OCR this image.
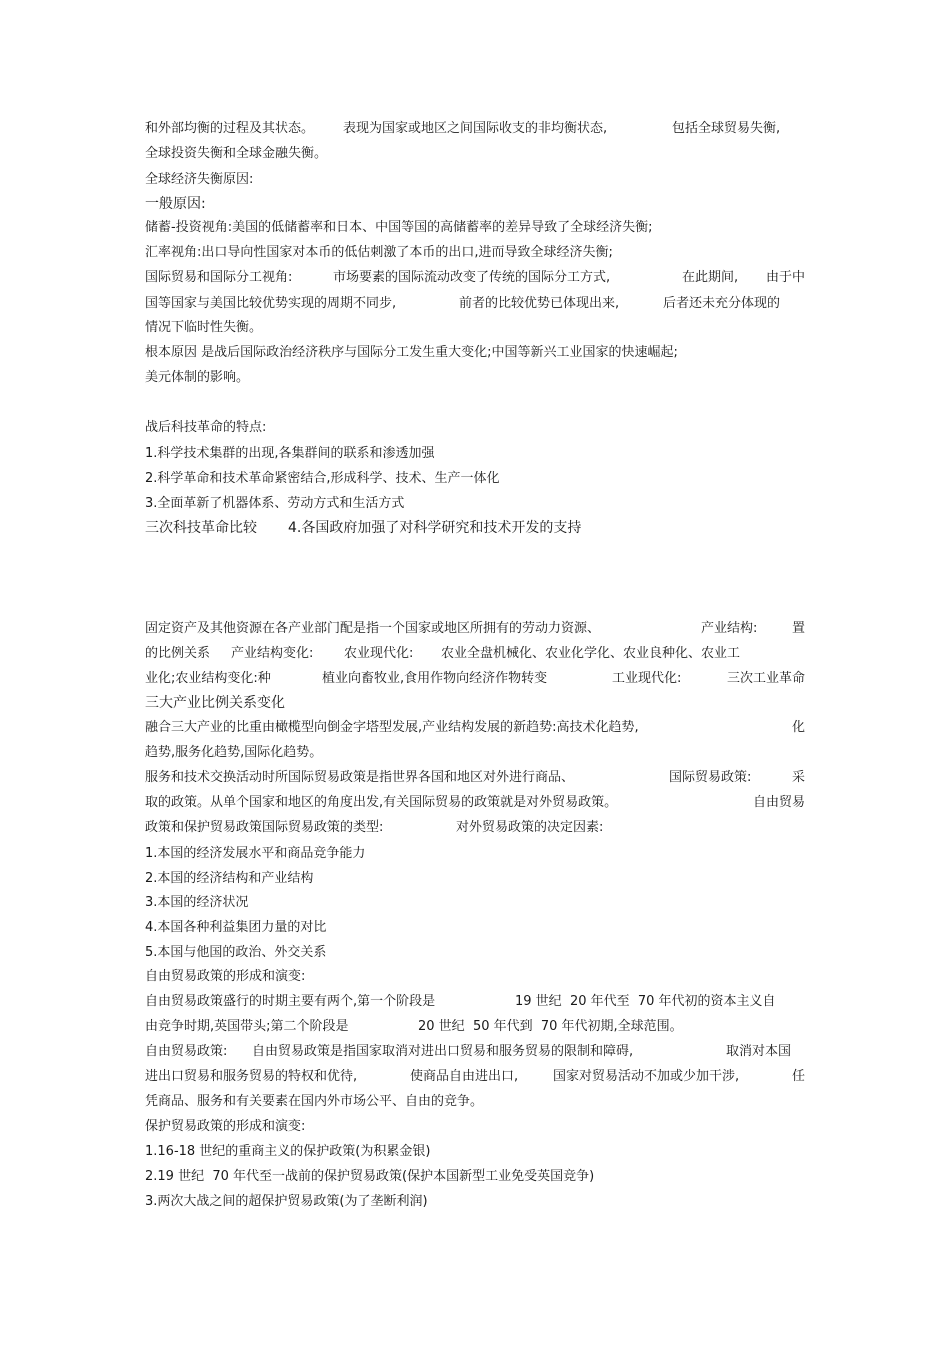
和外部均衡的过程及其状态。

表现为国家或地区之间国际收支的非均衡状态,

	包括全球贸易失衡,

全球投资失衡和全球金融失衡。
全球经济失衡原因:
一般原因:
储蓄-投资视角:美国的低储蓄率和日本、中国等国的高储蓄率的差异导致了全球经济失衡;
汇率视角:出口导向性国家对本币的低估刺激了本币的出口,进而导致全球经济失衡;

国际贸易和国际分工视角:

	市场要素的国际流动改变了传统的国际分工方式,

	在此期间,

由于中

国等国家与美国比较优势实现的周期不同步,

	前者的比较优势已体现出来,

	后者还未充分体现的

情况下临时性失衡。
根本原因 是战后国际政治经济秩序与国际分工发生重大变化;中国等新兴工业国家的快速崛起;
美元体制的影响。
战后科技革命的特点:
1.科学技术集群的出现,各集群间的联系和渗透加强
2.科学革命和技术革命紧密结合,形成科学、技术、生产一体化
3.全面革新了机器体系、劳动方式和生活方式

三次科技革命比较

4.各国政府加强了对科学研究和技术开发的支持

固定资产及其他资源在各产业部门配是指一个国家或地区所拥有的劳动力资源、

	产业结构:

	置

的比例关系

产业结构变化:

农业现代化:

农业全盘机械化、农业化学化、农业良种化、农业工

业化;农业结构变化:种

	植业向畜牧业,食用作物向经济作物转变

	工业现代化:

	三次工业革命

三大产业比例关系变化

融合三大产业的比重由橄榄型向倒金字塔型发展,产业结构发展的新趋势:高技术化趋势,

	化

趋势,服务化趋势,国际化趋势。

服务和技术交换活动时所国际贸易政策是指世界各国和地区对外进行商品、

	国际贸易政策:

	采

取的政策。从单个国家和地区的角度出发,有关国际贸易的政策就是对外贸易政策。

	自由贸易

政策和保护贸易政策国际贸易政策的类型:

	对外贸易政策的决定因素:

1.本国的经济发展水平和商品竞争能力
2.本国的经济结构和产业结构
3.本国的经济状况
4.本国各种利益集团力量的对比
5.本国与他国的政治、外交关系
自由贸易政策的形成和演变:

自由贸易政策盛行的时期主要有两个,第一个阶段是

	19 世纪  20 年代至  70 年代初的资本主义自

由竞争时期,英国带头;第二个阶段是

	20 世纪  50 年代到  70 年代初期,全球范围。

自由贸易政策:

自由贸易政策是指国家取消对进出口贸易和服务贸易的限制和障碍,

	取消对本国

进出口贸易和服务贸易的特权和优待,

	使商品自由进出口,

	国家对贸易活动不加或少加干涉,

	任

凭商品、服务和有关要素在国内外市场公平、自由的竞争。
保护贸易政策的形成和演变:
1.16-18 世纪的重商主义的保护政策(为积累金银)
2.19 世纪  70 年代至一战前的保护贸易政策(保护本国新型工业免受英国竞争)
3.两次大战之间的超保护贸易政策(为了垄断利润)
